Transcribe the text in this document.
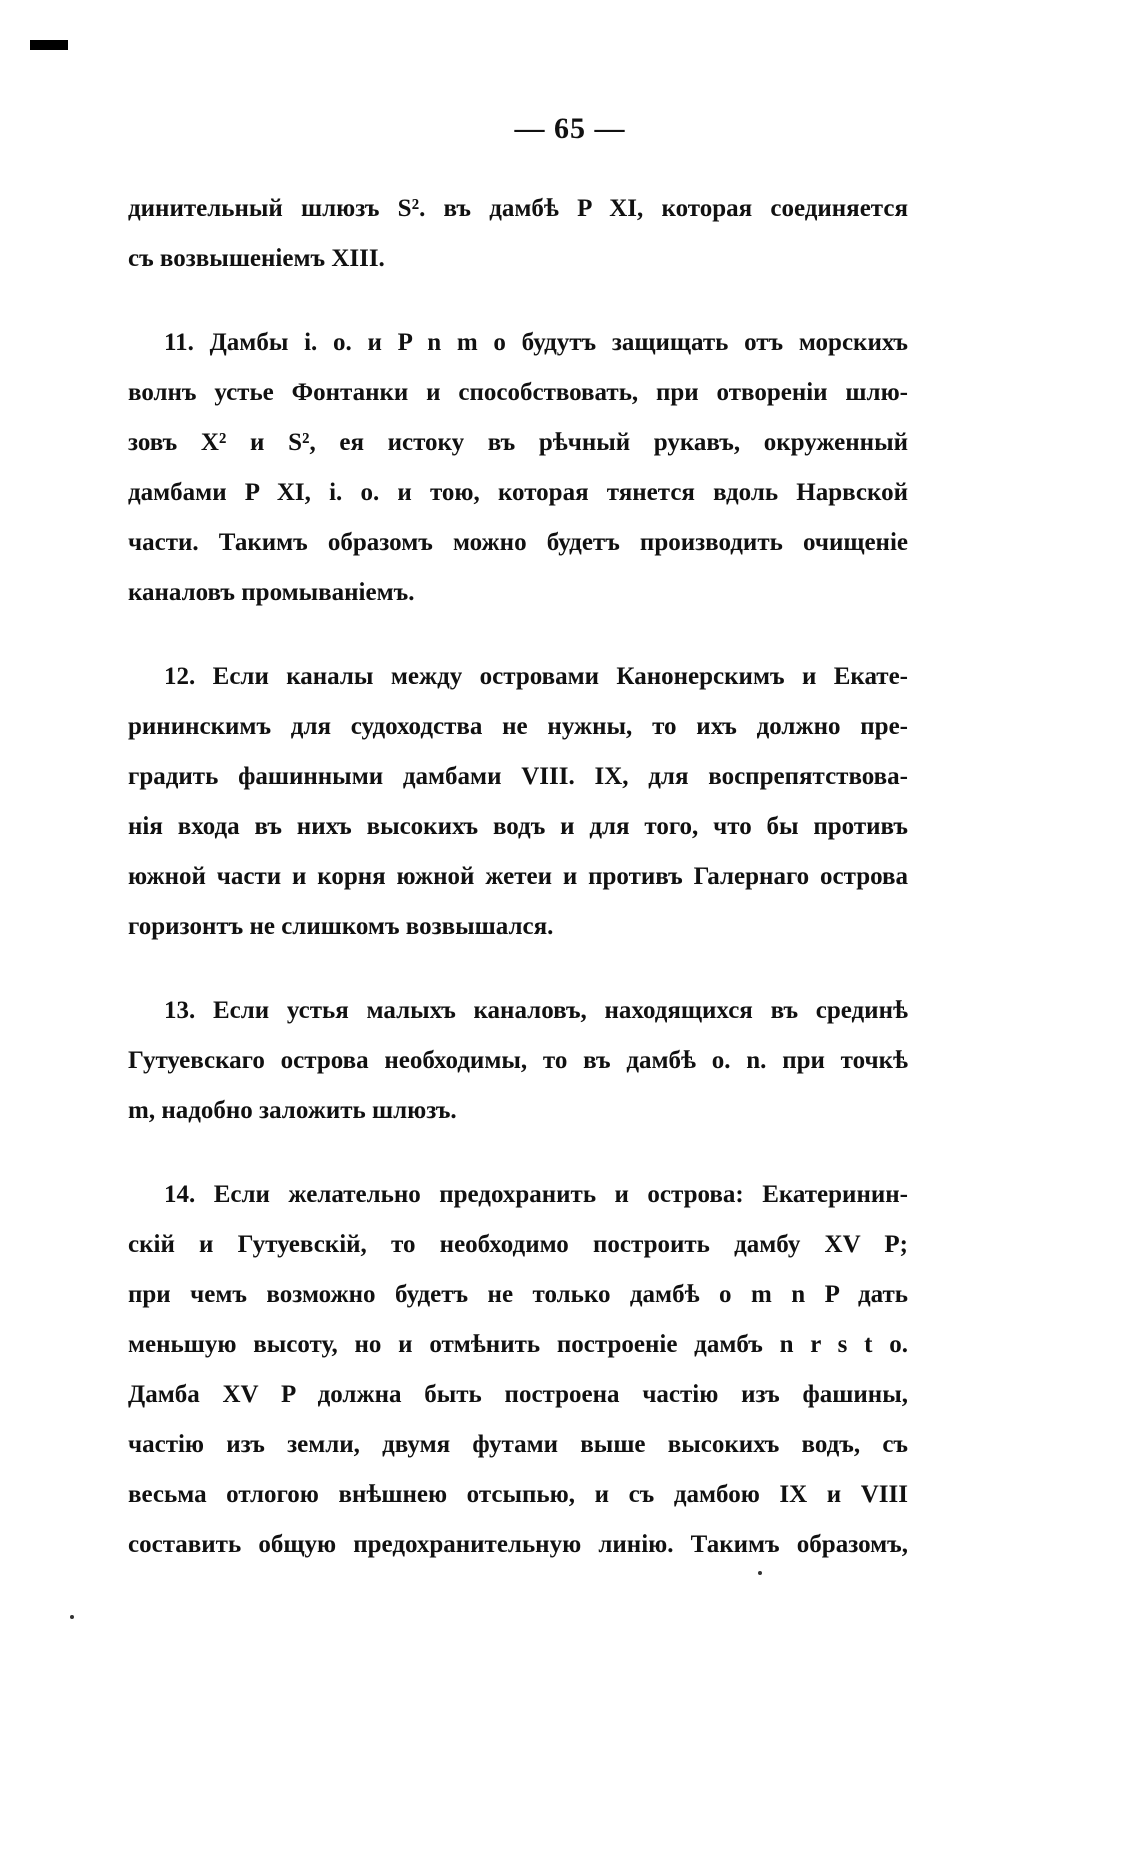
— 65 —

динительный шлюзъ S². въ дамбѣ P XI, которая соединяется
съ возвышеніемъ XIII.

11. Дамбы i. o. и P n m o будутъ защищать отъ морскихъ
волнъ устье Фонтанки и способствовать, при отвореніи шлю-
зовъ X² и S², ея истоку въ рѣчный рукавъ, окруженный
дамбами P XI, i. o. и тою, которая тянется вдоль Нарвской
части. Такимъ образомъ можно будетъ производить очищеніе
каналовъ промываніемъ.

12. Если каналы между островами Канонерскимъ и Екате-
рининскимъ для судоходства не нужны, то ихъ должно пре-
градить фашинными дамбами VIII. IX, для воспрепятствова-
нія входа въ нихъ высокихъ водъ и для того, что бы противъ
южной части и корня южной жетеи и противъ Галернаго острова
горизонтъ не слишкомъ возвышался.

13. Если устья малыхъ каналовъ, находящихся въ срединѣ
Гутуевскаго острова необходимы, то въ дамбѣ o. n. при точкѣ
m, надобно заложить шлюзъ.

14. Если желательно предохранить и острова: Екатеринин-
скій и Гутуевскій, то необходимо построить дамбу XV P;
при чемъ возможно будетъ не только дамбѣ o m n P дать
меньшую высоту, но и отмѣнить построеніе дамбъ n r s t o.
Дамба XV P должна быть построена частію изъ фашины,
частію изъ земли, двумя футами выше высокихъ водъ, съ
весьма отлогою внѣшнею отсыпью, и съ дамбою IX и VIII
составить общую предохранительную линію. Такимъ образомъ,
